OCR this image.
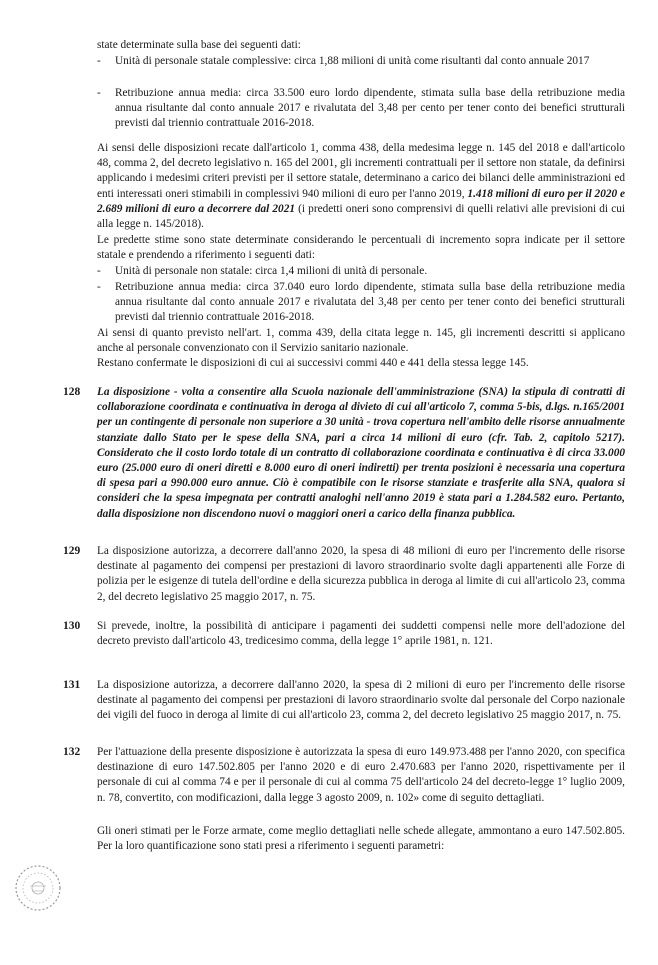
state determinate sulla base dei seguenti dati:

- Unità di personale statale complessive: circa 1,88 milioni di unità come risultanti dal conto annuale 2017
- Retribuzione annua media: circa 33.500 euro lordo dipendente, stimata sulla base della retribuzione media annua risultante dal conto annuale 2017 e rivalutata del 3,48 per cento per tener conto dei benefici strutturali previsti dal triennio contrattuale 2016-2018.

Ai sensi delle disposizioni recate dall'articolo 1, comma 438, della medesima legge n. 145 del 2018 e dall'articolo 48, comma 2, del decreto legislativo n. 165 del 2001, gli incrementi contrattuali per il settore non statale, da definirsi applicando i medesimi criteri previsti per il settore statale, determinano a carico dei bilanci delle amministrazioni ed enti interessati oneri stimabili in complessivi 940 milioni di euro per l'anno 2019, 1.418 milioni di euro per il 2020 e 2.689 milioni di euro a decorrere dal 2021 (i predetti oneri sono comprensivi di quelli relativi alle previsioni di cui alla legge n. 145/2018).

Le predette stime sono state determinate considerando le percentuali di incremento sopra indicate per il settore statale e prendendo a riferimento i seguenti dati:

- Unità di personale non statale: circa 1,4 milioni di unità di personale.
- Retribuzione annua media: circa 37.040 euro lordo dipendente, stimata sulla base della retribuzione media annua risultante dal conto annuale 2017 e rivalutata del 3,48 per cento per tener conto dei benefici strutturali previsti dal triennio contrattuale 2016-2018.

Ai sensi di quanto previsto nell'art. 1, comma 439, della citata legge n. 145, gli incrementi descritti si applicano anche al personale convenzionato con il Servizio sanitario nazionale.

Restano confermate le disposizioni di cui ai successivi commi 440 e 441 della stessa legge 145.

128 La disposizione - volta a consentire alla Scuola nazionale dell'amministrazione (SNA) la stipula di contratti di collaborazione coordinata e continuativa in deroga al divieto di cui all'articolo 7, comma 5-bis, d.lgs. n.165/2001 per un contingente di personale non superiore a 30 unità - trova copertura nell'ambito delle risorse annualmente stanziate dallo Stato per le spese della SNA, pari a circa 14 milioni di euro (cfr. Tab. 2, capitolo 5217). Considerato che il costo lordo totale di un contratto di collaborazione coordinata e continuativa è di circa 33.000 euro (25.000 euro di oneri diretti e 8.000 euro di oneri indiretti) per trenta posizioni è necessaria una copertura di spesa pari a 990.000 euro annue. Ciò è compatibile con le risorse stanziate e trasferite alla SNA, qualora si consideri che la spesa impegnata per contratti analoghi nell'anno 2019 è stata pari a 1.284.582 euro. Pertanto, dalla disposizione non discendono nuovi o maggiori oneri a carico della finanza pubblica.

129 La disposizione autorizza, a decorrere dall'anno 2020, la spesa di 48 milioni di euro per l'incremento delle risorse destinate al pagamento dei compensi per prestazioni di lavoro straordinario svolte dagli appartenenti alle Forze di polizia per le esigenze di tutela dell'ordine e della sicurezza pubblica in deroga al limite di cui all'articolo 23, comma 2, del decreto legislativo 25 maggio 2017, n. 75.

130 Si prevede, inoltre, la possibilità di anticipare i pagamenti dei suddetti compensi nelle more dell'adozione del decreto previsto dall'articolo 43, tredicesimo comma, della legge 1° aprile 1981, n. 121.

131 La disposizione autorizza, a decorrere dall'anno 2020, la spesa di 2 milioni di euro per l'incremento delle risorse destinate al pagamento dei compensi per prestazioni di lavoro straordinario svolte dal personale del Corpo nazionale dei vigili del fuoco in deroga al limite di cui all'articolo 23, comma 2, del decreto legislativo 25 maggio 2017, n. 75.

132 Per l'attuazione della presente disposizione è autorizzata la spesa di euro 149.973.488 per l'anno 2020, con specifica destinazione di euro 147.502.805 per l'anno 2020 e di euro 2.470.683 per l'anno 2020, rispettivamente per il personale di cui al comma 74 e per il personale di cui al comma 75 dell'articolo 24 del decreto-legge 1° luglio 2009, n. 78, convertito, con modificazioni, dalla legge 3 agosto 2009, n. 102» come di seguito dettagliati.

Gli oneri stimati per le Forze armate, come meglio dettagliati nelle schede allegate, ammontano a euro 147.502.805. Per la loro quantificazione sono stati presi a riferimento i seguenti parametri:
